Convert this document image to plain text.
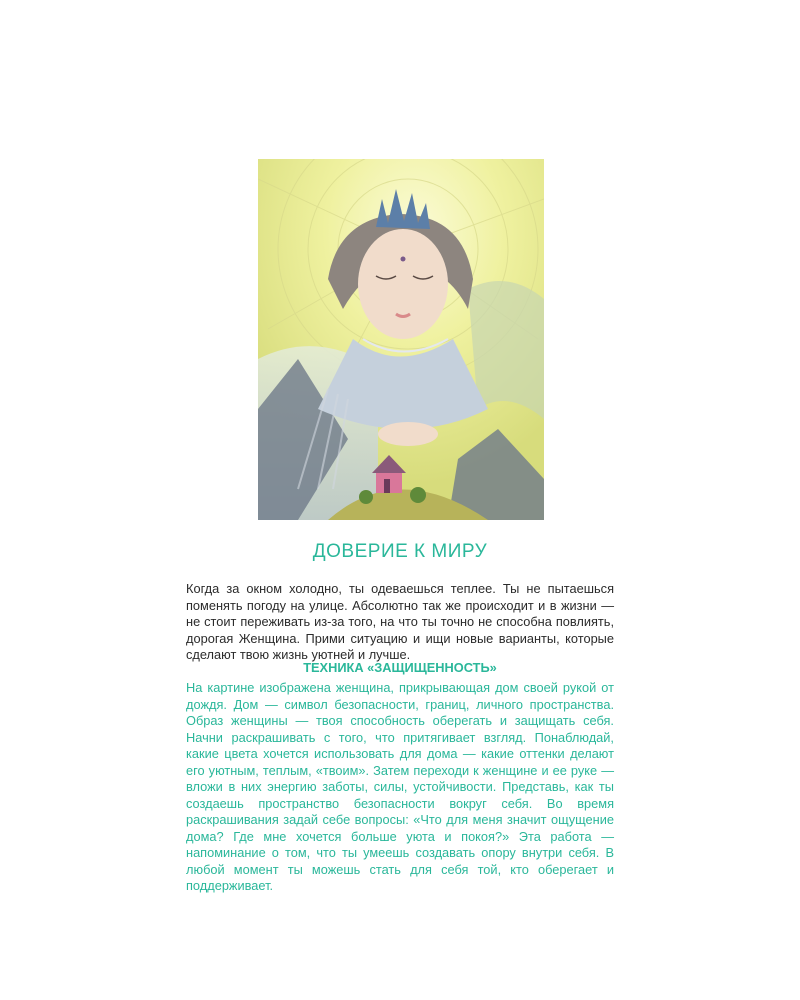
ДОВЕРИЕ К МИРУ

Когда за окном холодно, ты одеваешься теплее. Ты не пытаешься поменять погоду на улице. Абсолютно так же происходит и в жизни — не стоит переживать из-за того, на что ты точно не способна повлиять, дорогая Женщина. Прими ситуацию и ищи новые варианты, которые сделают твою жизнь уютней и лучше.

ТЕХНИКА «ЗАЩИЩЕННОСТЬ»

На картине изображена женщина, прикрывающая дом своей рукой от дождя. Дом — символ безопасности, границ, личного пространства. Образ женщины — твоя способность оберегать и защищать себя. Начни раскрашивать с того, что притягивает взгляд. Понаблюдай, какие цвета хочется использовать для дома — какие оттенки делают его уютным, теплым, «твоим». Затем переходи к женщине и ее руке — вложи в них энергию заботы, силы, устойчивости. Представь, как ты создаешь пространство безопасности вокруг себя. Во время раскрашивания задай себе вопросы: «Что для меня значит ощущение дома? Где мне хочется больше уюта и покоя?» Эта работа — напоминание о том, что ты умеешь создавать опору внутри себя. В любой момент ты можешь стать для себя той, кто оберегает и поддерживает.
